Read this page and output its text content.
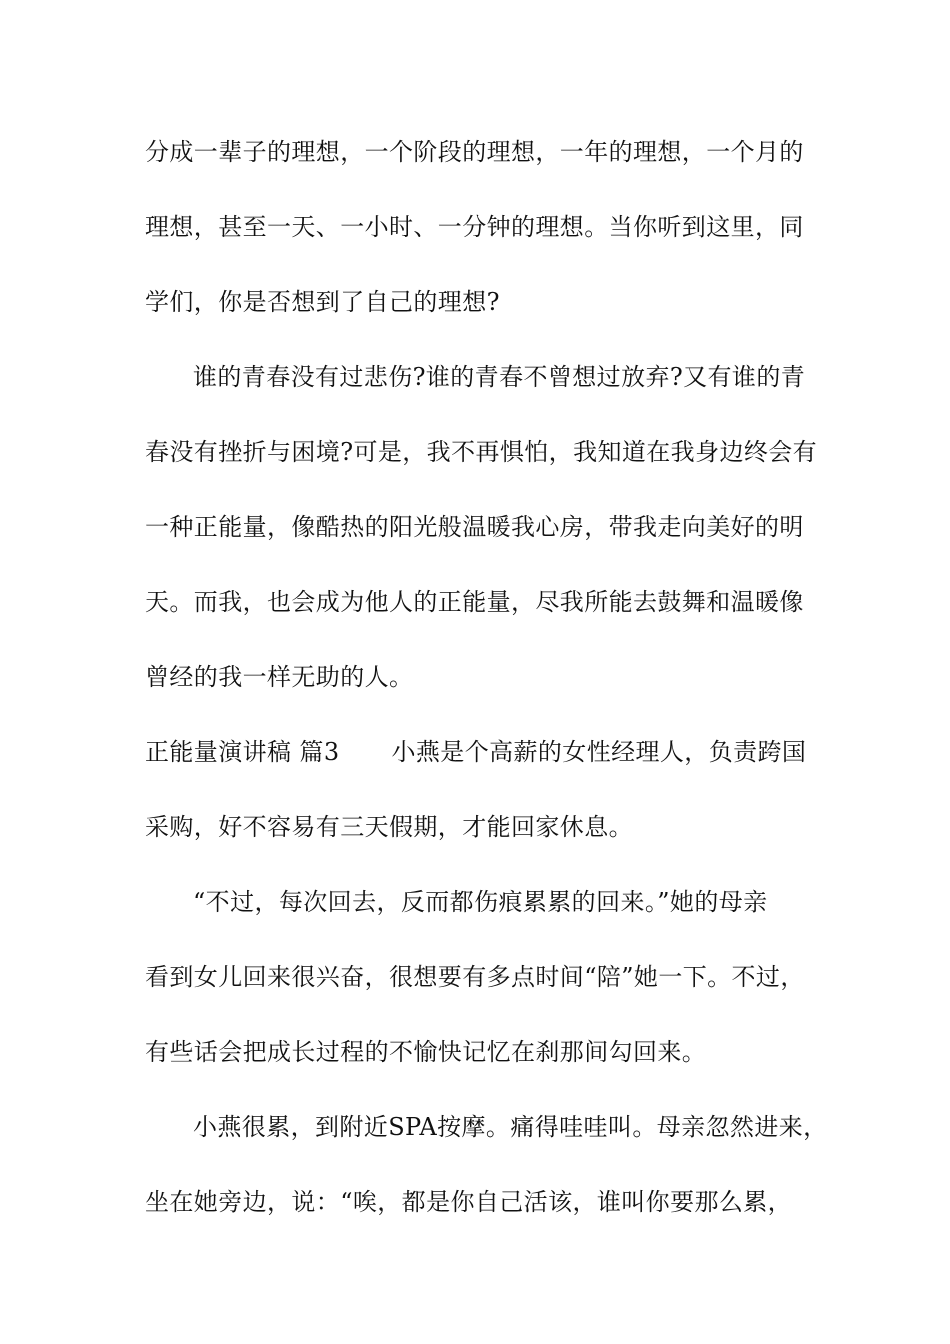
分成一辈子的理想，一个阶段的理想，一年的理想，一个月的
理想，甚至一天、一小时、一分钟的理想。当你听到这里，同
学们，你是否想到了自己的理想?
谁的青春没有过悲伤?谁的青春不曾想过放弃?又有谁的青
春没有挫折与困境?可是，我不再惧怕，我知道在我身边终会有
一种正能量，像酷热的阳光般温暖我心房，带我走向美好的明
天。而我，也会成为他人的正能量，尽我所能去鼓舞和温暖像
曾经的我一样无助的人。
正能量演讲稿 篇3 小燕是个高薪的女性经理人，负责跨国
采购，好不容易有三天假期，才能回家休息。
“不过，每次回去，反而都伤痕累累的回来。”她的母亲
看到女儿回来很兴奋，很想要有多点时间“陪”她一下。不过，
有些话会把成长过程的不愉快记忆在刹那间勾回来。
小燕很累，到附近SPA按摩。痛得哇哇叫。母亲忽然进来，
坐在她旁边，说：“唉，都是你自己活该，谁叫你要那么累，
